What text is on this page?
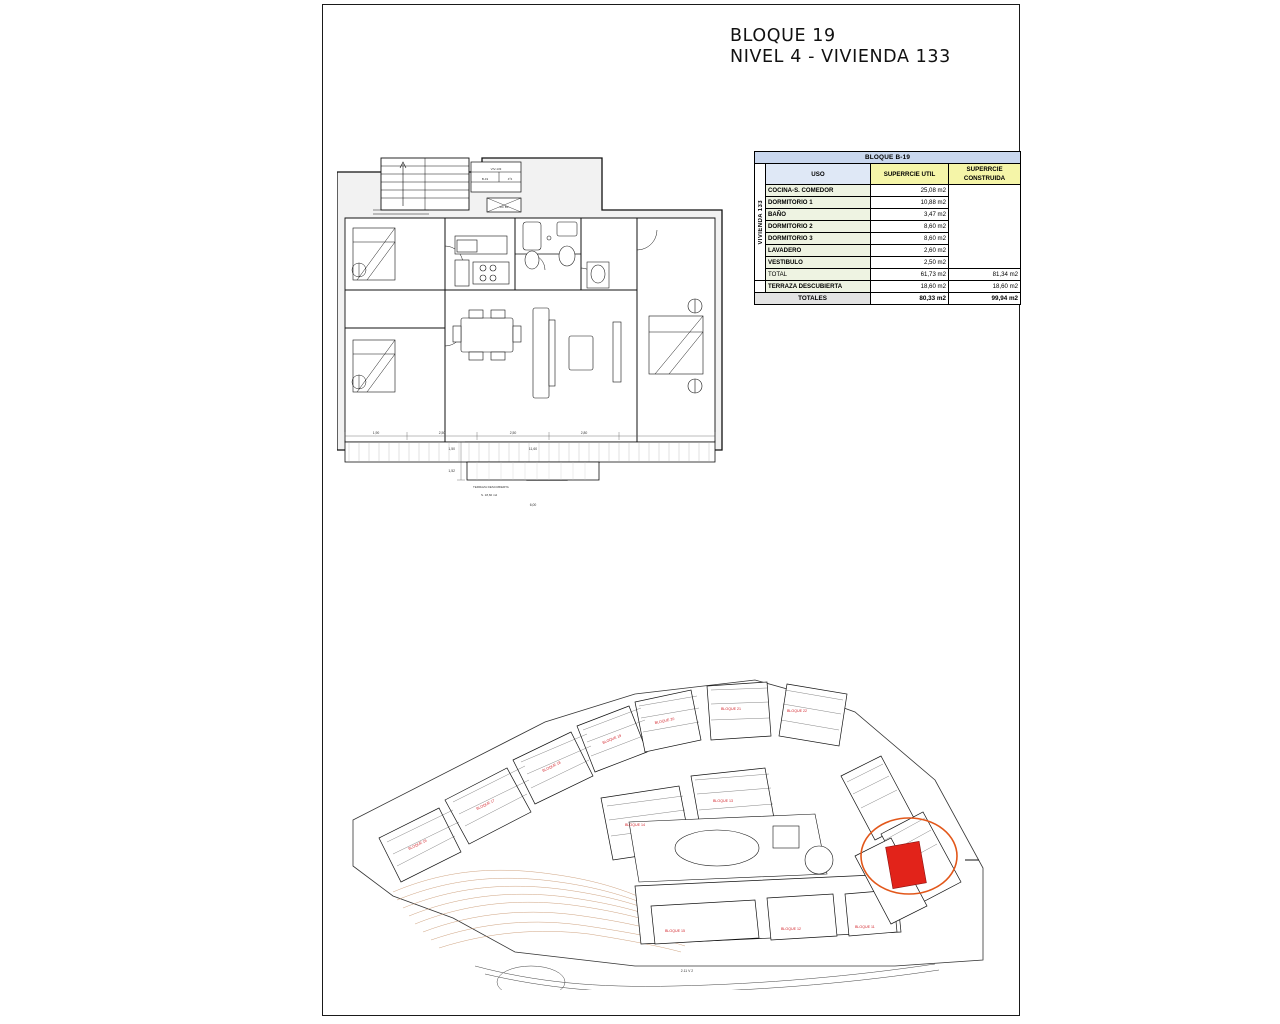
BLOQUE 19
NIVEL 4 - VIVIENDA 133
BLOQUE B-19			

VIVIENDA 133	USO	SUPERRCIE UTIL	SUPERRCIE CONSTRUIDA
	COCINA-S. COMEDOR	25,08 m2	
	DORMITORIO 1	10,88 m2	
	BAÑO	3,47 m2	
	DORMITORIO 2	8,60 m2	
	DORMITORIO 3	8,60 m2	
	LAVADERO	2,60 m2	
	VESTIBULO	2,50 m2	
	TOTAL	61,73 m2	81,34 m2
	TERRAZA DESCUBIERTA	18,60 m2	18,60 m2
TOTALES		80,33 m2	99,94 m2
VIV-133
B-19	4º4
RC B3
TERRAZA DESCUBIERTA
S. 18,60 m2
1,90	2,50	2,50	2,80
11,60
1,50
1,52
6,00
BLOQUE 16
BLOQUE 17
BLOQUE 18
BLOQUE 19
BLOQUE 20
BLOQUE 21	BLOQUE 22
BLOQUE 14
BLOQUE 13
BLOQUE 15	BLOQUE 12	BLOQUE 11
2.11 V 2
